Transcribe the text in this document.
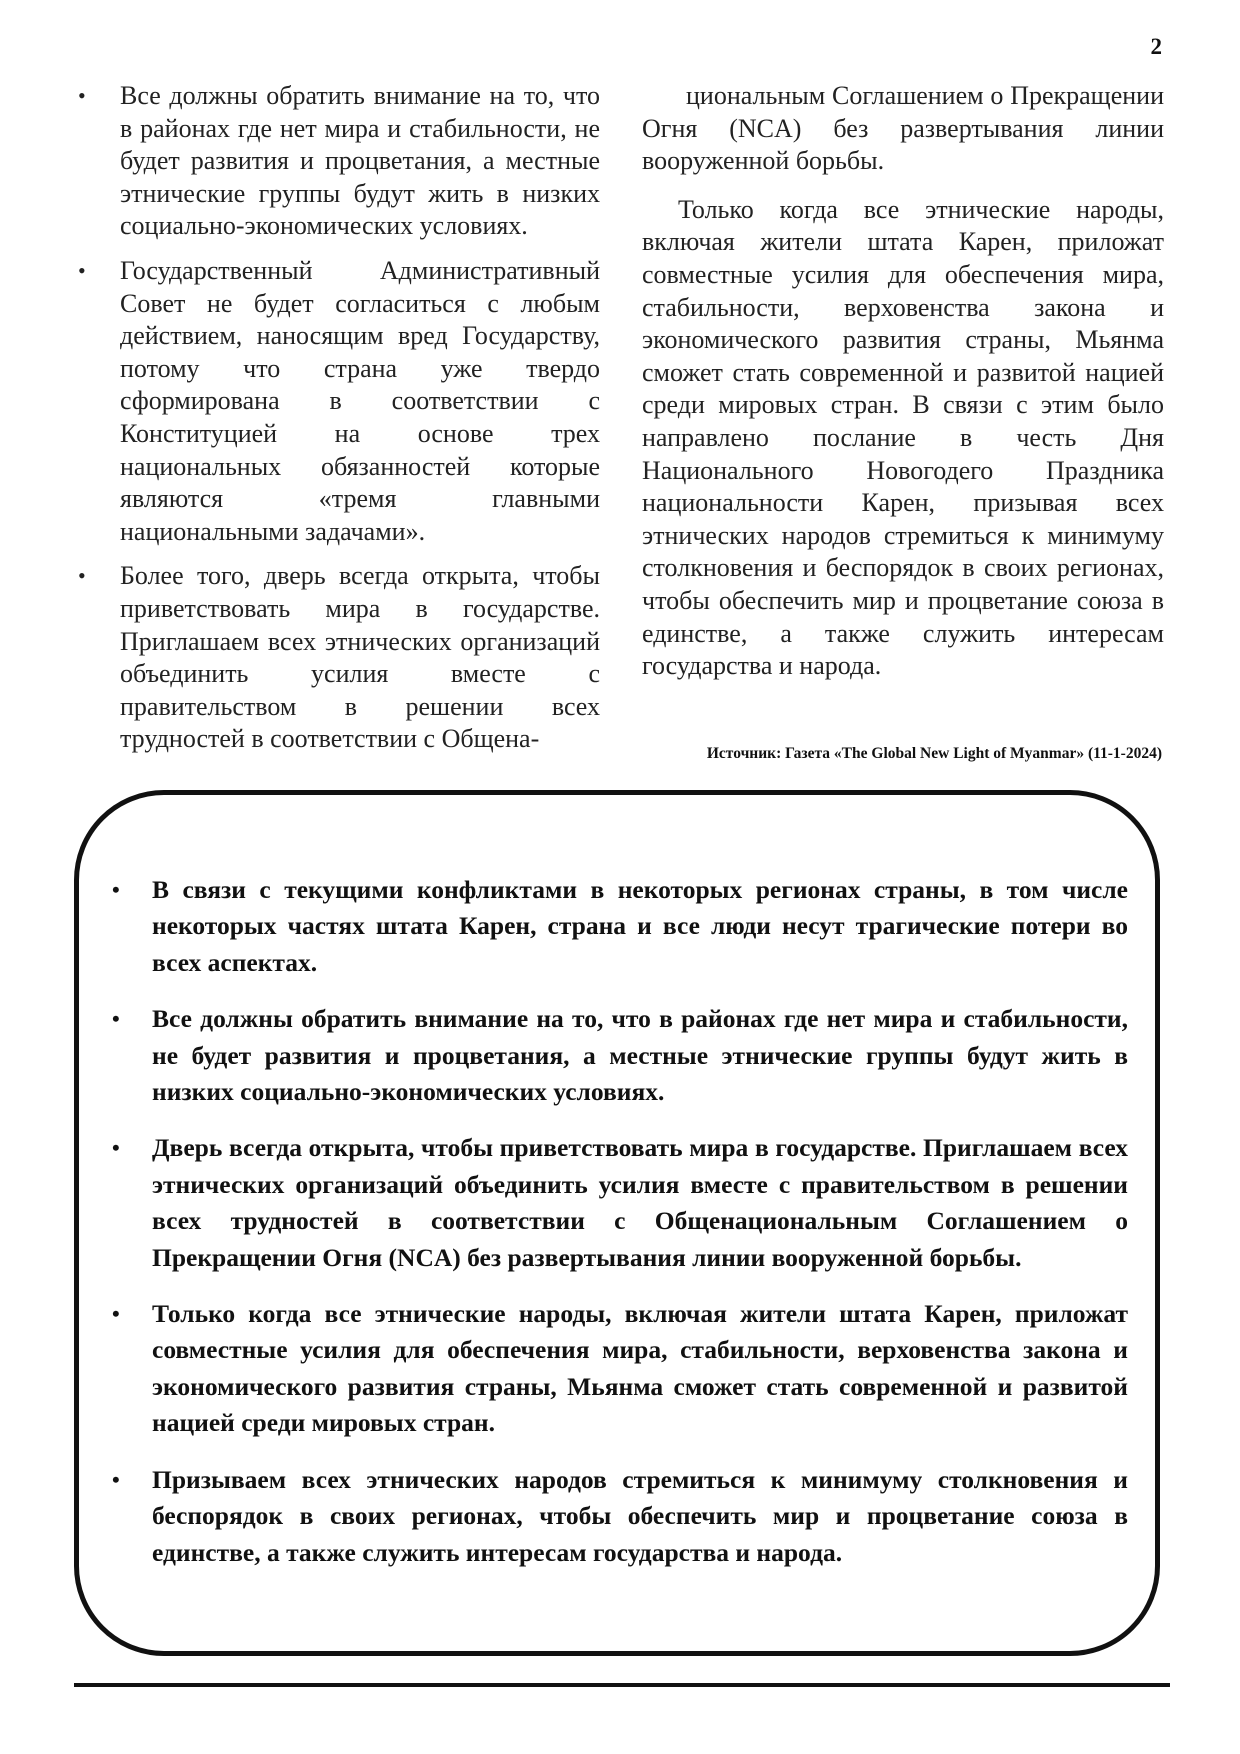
2
• Все должны обратить внимание на то, что в районах где нет мира и стабильности, не будет развития и процветания, а местные этнические группы будут жить в низких социально-экономических условиях.
• Государственный Административный Совет не будет согласиться с любым действием, наносящим вред Государству, потому что страна уже твердо сформирована в соответствии с Конституцией на основе трех национальных обязанностей которые являются «тремя главными национальными задачами».
• Более того, дверь всегда открыта, чтобы приветствовать мира в государстве. Приглашаем всех этнических организаций объединить усилия вместе с правительством в решении всех трудностей в соответствии с Общена-

циональным Соглашением о Прекращении Огня (NCA) без развертывания линии вооруженной борьбы.

Только когда все этнические народы, включая жители штата Карен, приложат совместные усилия для обеспечения мира, стабильности, верховенства закона и экономического развития страны, Мьянма сможет стать современной и развитой нацией среди мировых стран. В связи с этим было направлено послание в честь Дня Национального Новогодего Праздника национальности Карен, призывая всех этнических народов стремиться к минимуму столкновения и беспорядок в своих регионах, чтобы обеспечить мир и процветание союза в единстве, а также служить интересам государства и народа.

Источник: Газета «The Global New Light of Myanmar» (11-1-2024)
• В связи с текущими конфликтами в некоторых регионах страны, в том числе некоторых частях штата Карен, страна и все люди несут трагические потери во всех аспектах.
• Все должны обратить внимание на то, что в районах где нет мира и стабильности, не будет развития и процветания, а местные этнические группы будут жить в низких социально-экономических условиях.
• Дверь всегда открыта, чтобы приветствовать мира в государстве. Приглашаем всех этнических организаций объединить усилия вместе с правительством в решении всех трудностей в соответствии с Общенациональным Соглашением о Прекращении Огня (NCA) без развертывания линии вооруженной борьбы.
• Только когда все этнические народы, включая жители штата Карен, приложат совместные усилия для обеспечения мира, стабильности, верховенства закона и экономического развития страны, Мьянма сможет стать современной и развитой нацией среди мировых стран.
• Призываем всех этнических народов стремиться к минимуму столкновения и беспорядок в своих регионах, чтобы обеспечить мир и процветание союза в единстве, а также служить интересам государства и народа.
